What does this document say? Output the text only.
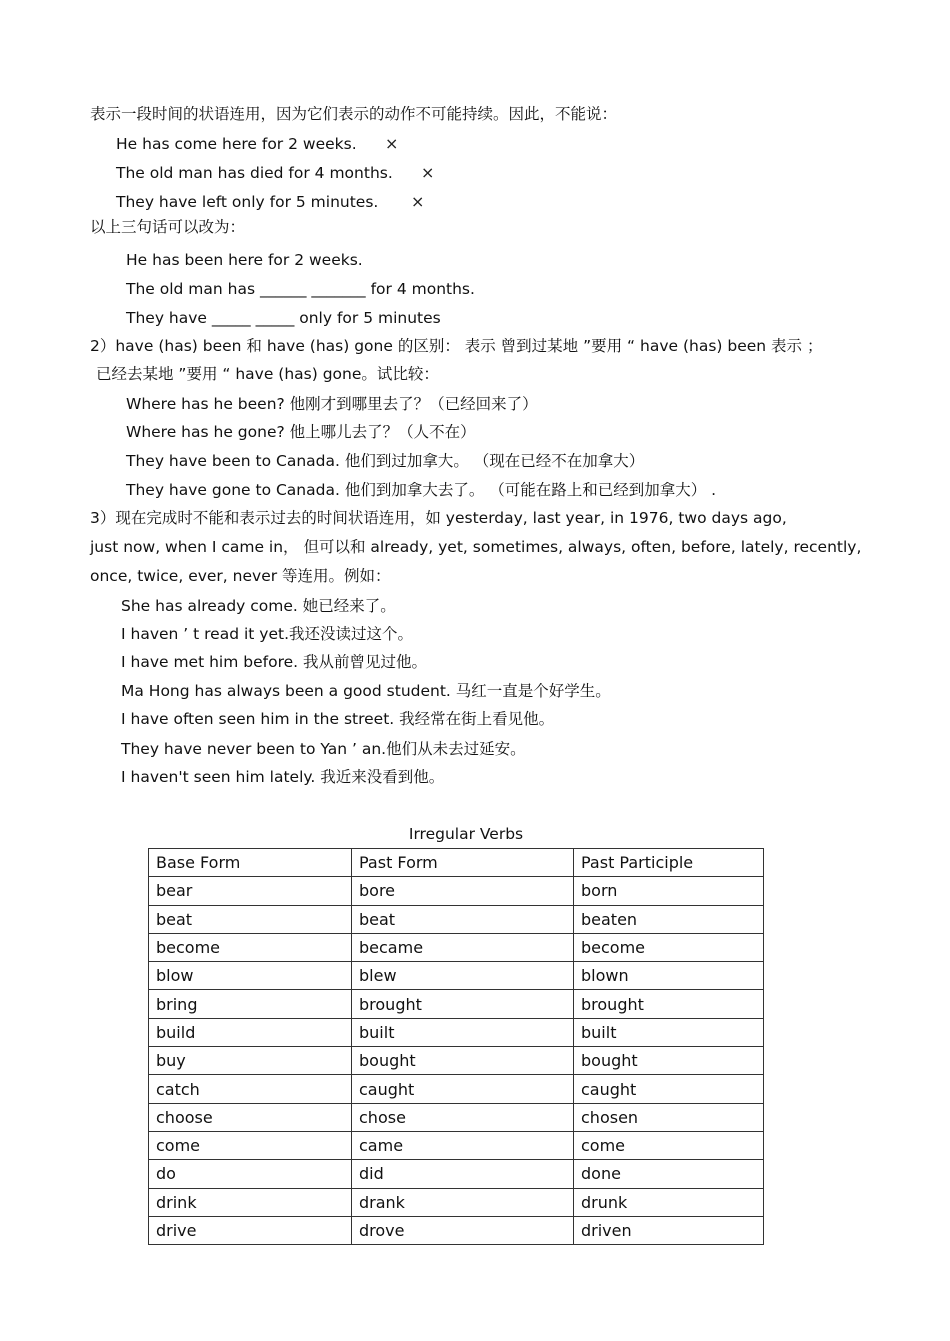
表示一段时间的状语连用，因为它们表示的动作不可能持续。因此，不能说：
He has come here for 2 weeks. ×
The old man has died for 4 months. ×
They have left only for 5 minutes. ×
以上三句话可以改为：
He has been here for 2 weeks.
The old man has ______ _______ for 4 months.
They have _____ _____ only for 5 minutes
2）have (has) been 和 have (has) gone 的区别： 表示 曾到过某地 ”要用 “ have (has) been 表示 ；
已经去某地 ”要用 “ have (has) gone。试比较：
Where has he been? 他刚才到哪里去了？（已经回来了）
Where has he gone? 他上哪儿去了？（人不在）
They have been to Canada. 他们到过加拿大。 （现在已经不在加拿大）
They have gone to Canada. 他们到加拿大去了。 （可能在路上和已经到加拿大） .
3）现在完成时不能和表示过去的时间状语连用，如 yesterday, last year, in 1976, two days ago,
just now, when I came in， 但可以和 already, yet, sometimes, always, often, before, lately, recently,
once, twice, ever, never 等连用。例如：
She has already come. 她已经来了。
I haven ’ t read it yet.我还没读过这个。
I have met him before. 我从前曾见过他。
Ma Hong has always been a good student. 马红一直是个好学生。
I have often seen him in the street. 我经常在街上看见他。
They have never been to Yan ’ an.他们从未去过延安。
I haven't seen him lately. 我近来没看到他。
Irregular Verbs
Base Form	Past Form	Past Participle
bear	bore	born
beat	beat	beaten
become	became	become
blow	blew	blown
bring	brought	brought
build	built	built
buy	bought	bought
catch	caught	caught
choose	chose	chosen
come	came	come
do	did	done
drink	drank	drunk
drive	drove	driven
